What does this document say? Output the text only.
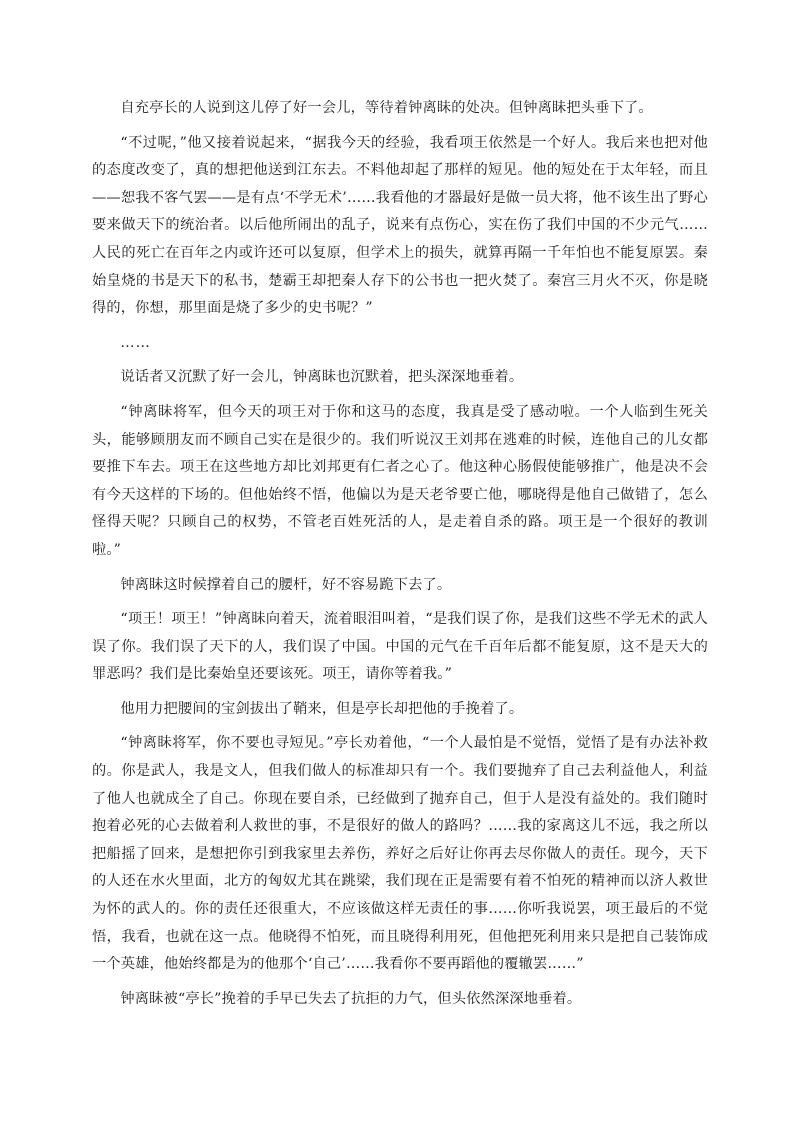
自充亭长的人说到这儿停了好一会儿，等待着钟离眛的处决。但钟离眛把头垂下了。

“不过呢，”他又接着说起来，“据我今天的经验，我看项王依然是一个好人。我后来也把对他的态度改变了，真的想把他送到江东去。不料他却起了那样的短见。他的短处在于太年轻，而且——恕我不客气罢——是有点‘不学无术’……我看他的才器最好是做一员大将，他不该生出了野心要来做天下的统治者。以后他所闹出的乱子，说来有点伤心，实在伤了我们中国的不少元气……人民的死亡在百年之内或许还可以复原，但学术上的损失，就算再隔一千年怕也不能复原罢。秦始皇烧的书是天下的私书，楚霸王却把秦人存下的公书也一把火焚了。秦宫三月火不灭，你是晓得的，你想，那里面是烧了多少的史书呢？”

……

说话者又沉默了好一会儿，钟离眛也沉默着，把头深深地垂着。

“钟离眛将军，但今天的项王对于你和这马的态度，我真是受了感动啦。一个人临到生死关头，能够顾朋友而不顾自己实在是很少的。我们听说汉王刘邦在逃难的时候，连他自己的儿女都要推下车去。项王在这些地方却比刘邦更有仁者之心了。他这种心肠假使能够推广，他是决不会有今天这样的下场的。但他始终不悟，他偏以为是天老爷要亡他，哪晓得是他自己做错了，怎么怪得天呢？只顾自己的权势，不管老百姓死活的人，是走着自杀的路。项王是一个很好的教训啦。”

钟离眛这时候撑着自己的腰杆，好不容易跪下去了。

“项王！项王！”钟离眛向着天，流着眼泪叫着，“是我们误了你，是我们这些不学无术的武人误了你。我们误了天下的人，我们误了中国。中国的元气在千百年后都不能复原，这不是天大的罪恶吗？我们是比秦始皇还要该死。项王，请你等着我。”

他用力把腰间的宝剑拔出了鞘来，但是亭长却把他的手挽着了。

“钟离眛将军，你不要也寻短见。”亭长劝着他，“一个人最怕是不觉悟，觉悟了是有办法补救的。你是武人，我是文人，但我们做人的标准却只有一个。我们要抛弃了自己去利益他人，利益了他人也就成全了自己。你现在要自杀，已经做到了抛弃自己，但于人是没有益处的。我们随时抱着必死的心去做着利人救世的事，不是很好的做人的路吗？……我的家离这儿不远，我之所以把船摇了回来，是想把你引到我家里去养伤，养好之后好让你再去尽你做人的责任。现今，天下的人还在水火里面，北方的匈奴尤其在跳梁，我们现在正是需要有着不怕死的精神而以济人救世为怀的武人的。你的责任还很重大，不应该做这样无责任的事……你听我说罢，项王最后的不觉悟，我看，也就在这一点。他晓得不怕死，而且晓得利用死，但他把死利用来只是把自己装饰成一个英雄，他始终都是为的他那个‘自己’……我看你不要再蹈他的覆辙罢……”

钟离眛被“亭长”挽着的手早已失去了抗拒的力气，但头依然深深地垂着。
